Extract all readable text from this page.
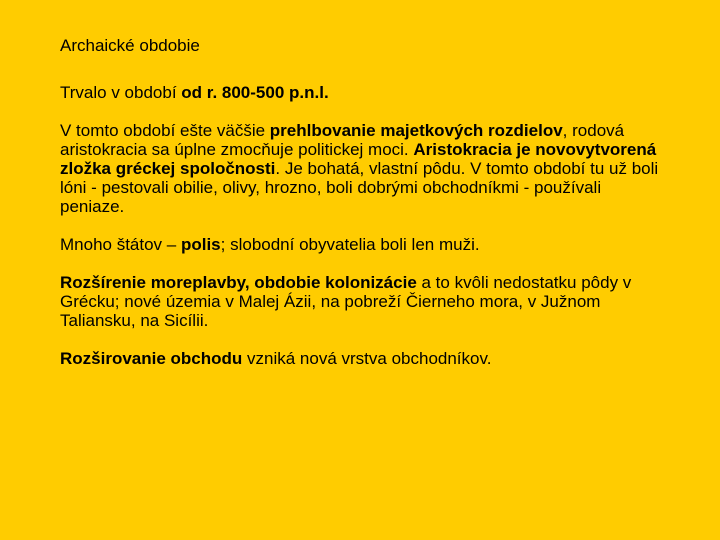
Archaické obdobie

Trvalo v období od r. 800-500 p.n.l.

V tomto období ešte väčšie prehlbovanie majetkových rozdielov, rodová aristokracia sa úplne zmocňuje politickej moci. Aristokracia je novovytvorená zložka gréckej spoločnosti. Je bohatá, vlastní pôdu. V tomto období tu už boli lóni - pestovali obilie, olivy, hrozno, boli dobrými obchodníkmi - používali peniaze.

Mnoho štátov – polis; slobodní obyvatelia boli len muži.

Rozšírenie moreplavby, obdobie kolonizácie a to kvôli nedostatku pôdy v Grécku; nové územia v Malej Ázii, na pobreží Čierneho mora, v Južnom Taliansku, na Sicílii.

Rozširovanie obchodu vzniká nová vrstva obchodníkov.
